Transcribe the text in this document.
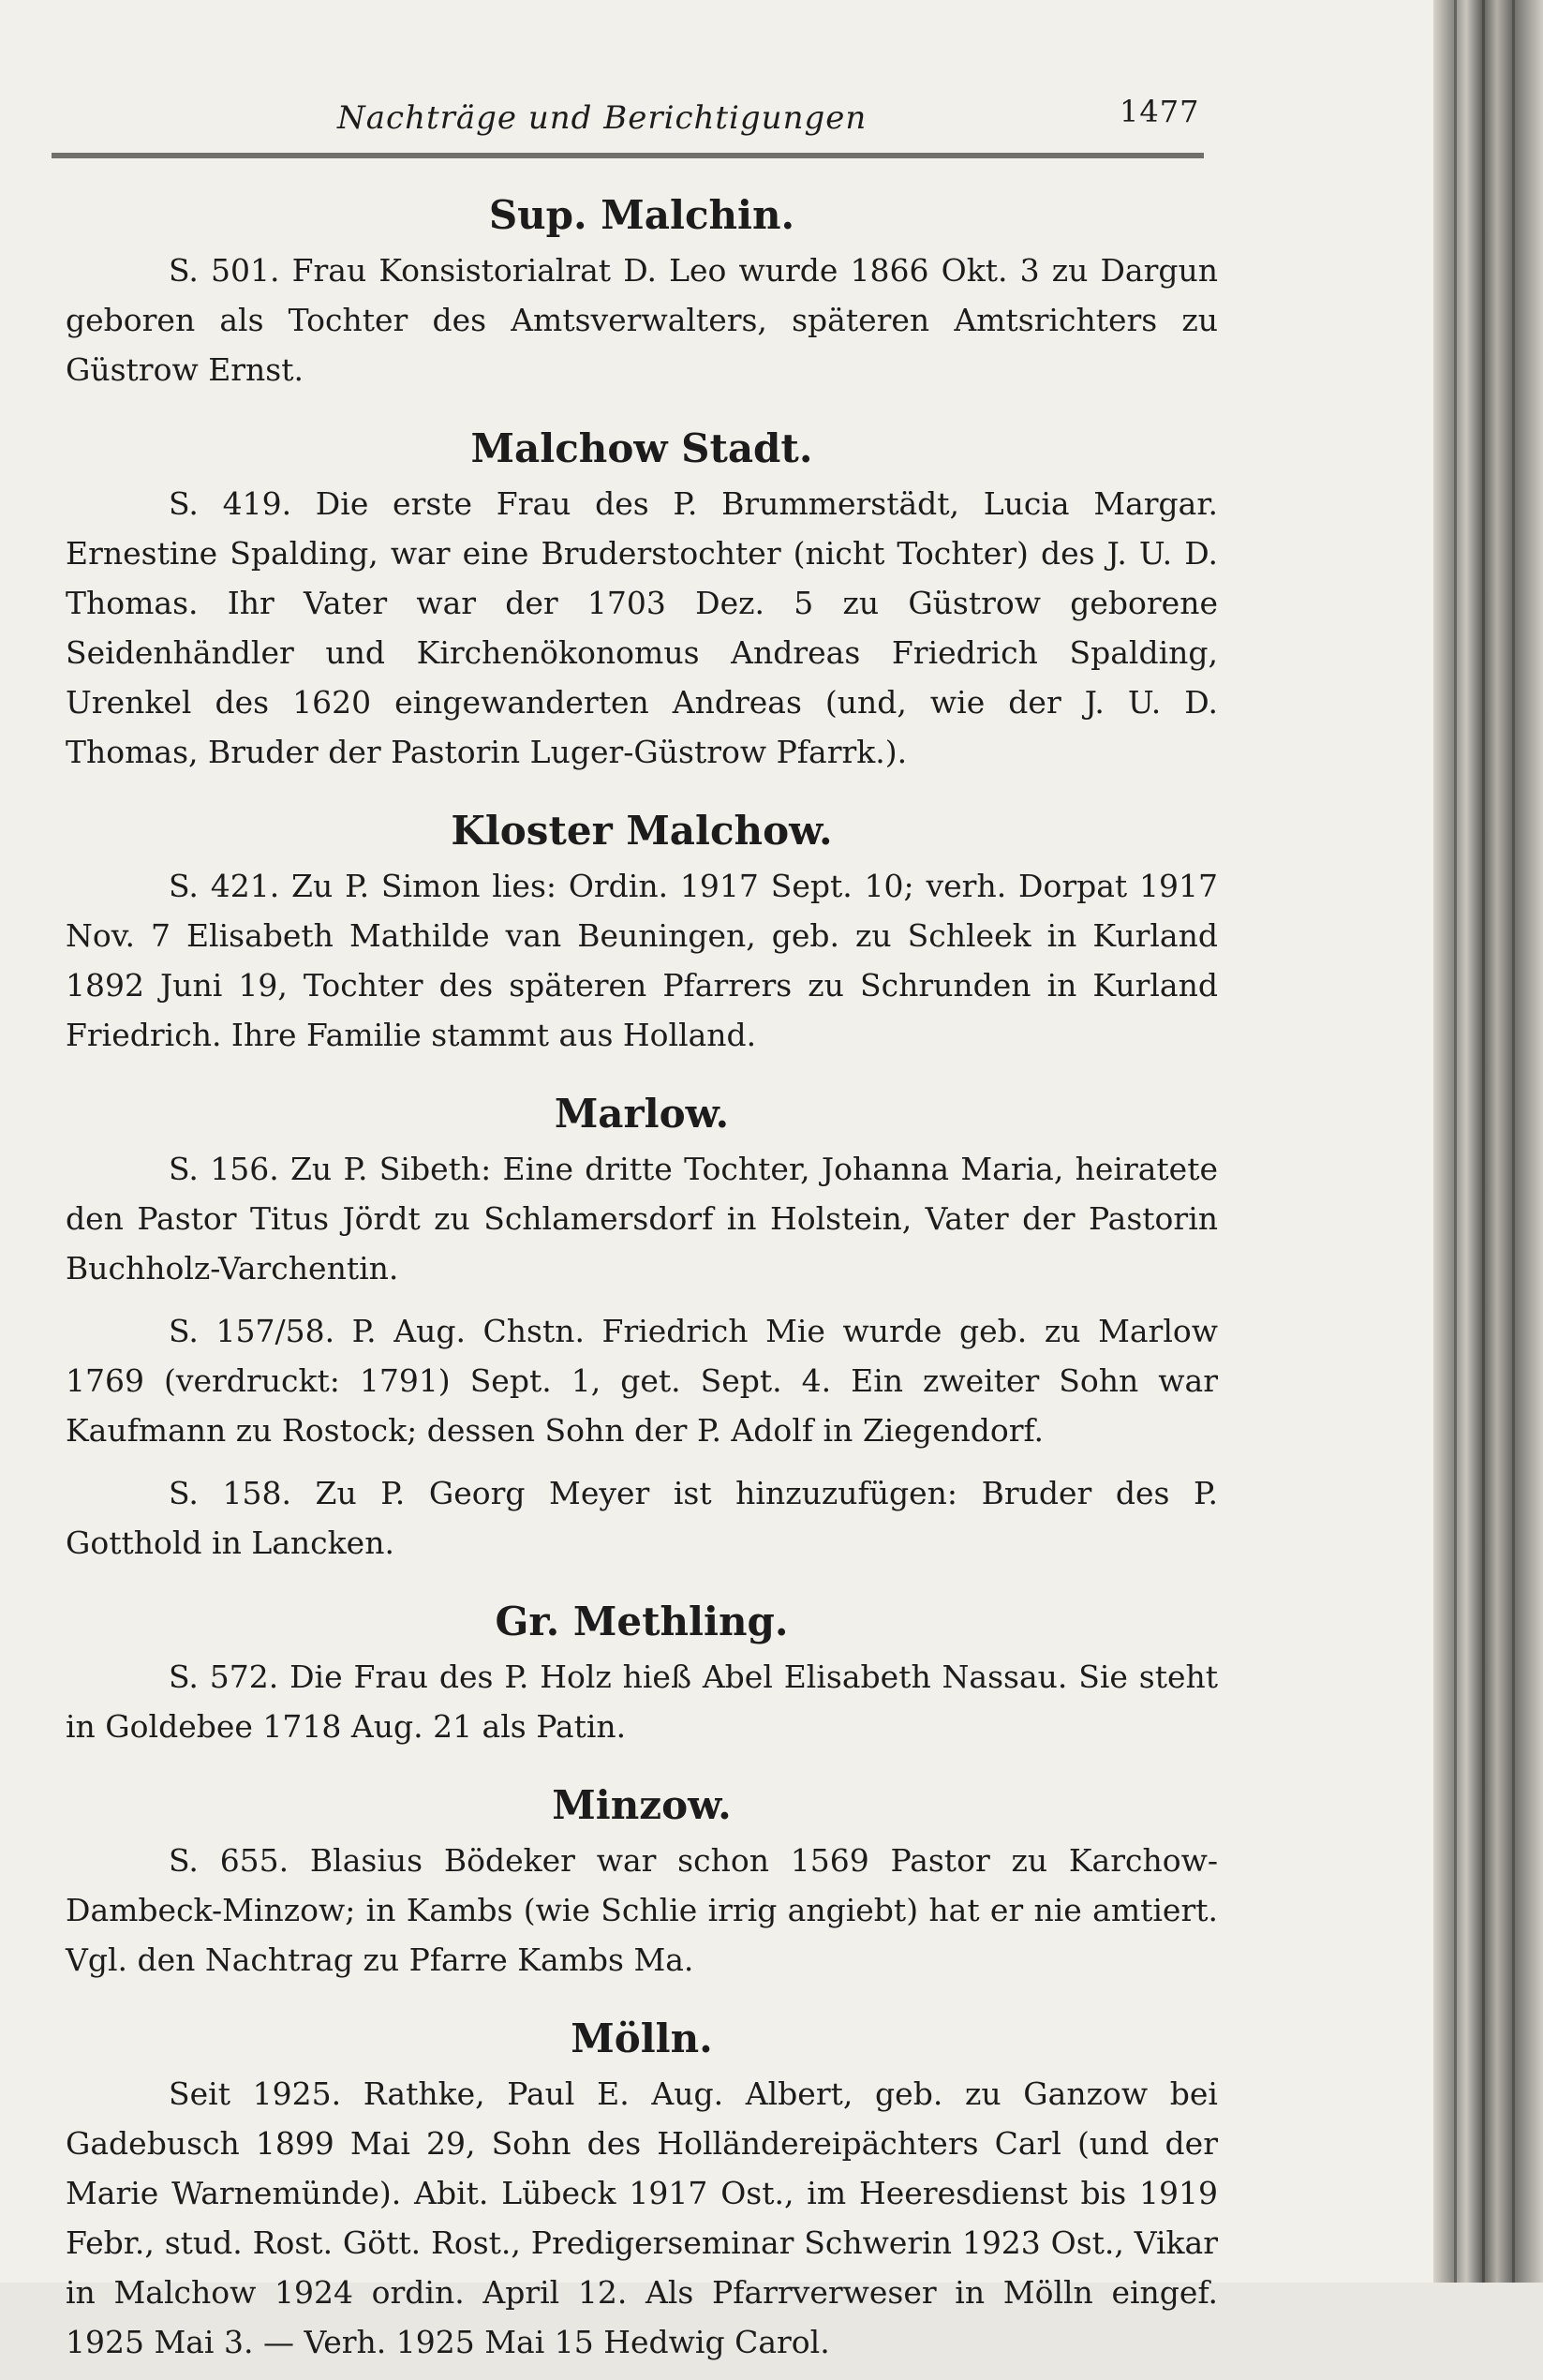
Nachträge und Berichtigungen	1477
Sup. Malchin.

S. 501. Frau Konsistorialrat D. Leo wurde 1866 Okt. 3 zu Dargun geboren als Tochter des Amtsverwalters, späteren Amtsrichters zu Güstrow Ernst.

Malchow Stadt.

S. 419. Die erste Frau des P. Brummerstädt, Lucia Margar. Ernestine Spalding, war eine Bruderstochter (nicht Tochter) des J. U. D. Thomas. Ihr Vater war der 1703 Dez. 5 zu Güstrow geborene Seidenhändler und Kirchenökonomus Andreas Friedrich Spalding, Urenkel des 1620 eingewanderten Andreas (und, wie der J. U. D. Thomas, Bruder der Pastorin Luger-Güstrow Pfarrk.).

Kloster Malchow.

S. 421. Zu P. Simon lies: Ordin. 1917 Sept. 10; verh. Dorpat 1917 Nov. 7 Elisabeth Mathilde van Beuningen, geb. zu Schleek in Kurland 1892 Juni 19, Tochter des späteren Pfarrers zu Schrunden in Kurland Friedrich. Ihre Familie stammt aus Holland.

Marlow.

S. 156. Zu P. Sibeth: Eine dritte Tochter, Johanna Maria, heiratete den Pastor Titus Jördt zu Schlamersdorf in Holstein, Vater der Pastorin Buchholz-Varchentin.

S. 157/58. P. Aug. Chstn. Friedrich Mie wurde geb. zu Marlow 1769 (verdruckt: 1791) Sept. 1, get. Sept. 4. Ein zweiter Sohn war Kaufmann zu Rostock; dessen Sohn der P. Adolf in Ziegendorf.

S. 158. Zu P. Georg Meyer ist hinzuzufügen: Bruder des P. Gotthold in Lancken.

Gr. Methling.

S. 572. Die Frau des P. Holz hieß Abel Elisabeth Nassau. Sie steht in Goldebee 1718 Aug. 21 als Patin.

Minzow.

S. 655. Blasius Bödeker war schon 1569 Pastor zu Karchow-Dambeck-Minzow; in Kambs (wie Schlie irrig angiebt) hat er nie amtiert. Vgl. den Nachtrag zu Pfarre Kambs Ma.

Mölln.

Seit 1925. Rathke, Paul E. Aug. Albert, geb. zu Ganzow bei Gadebusch 1899 Mai 29, Sohn des Holländereipächters Carl (und der Marie Warnemünde). Abit. Lübeck 1917 Ost., im Heeresdienst bis 1919 Febr., stud. Rost. Gött. Rost., Predigerseminar Schwerin 1923 Ost., Vikar in Malchow 1924 ordin. April 12. Als Pfarrverweser in Mölln eingef. 1925 Mai 3. — Verh. 1925 Mai 15 Hedwig Carol.
